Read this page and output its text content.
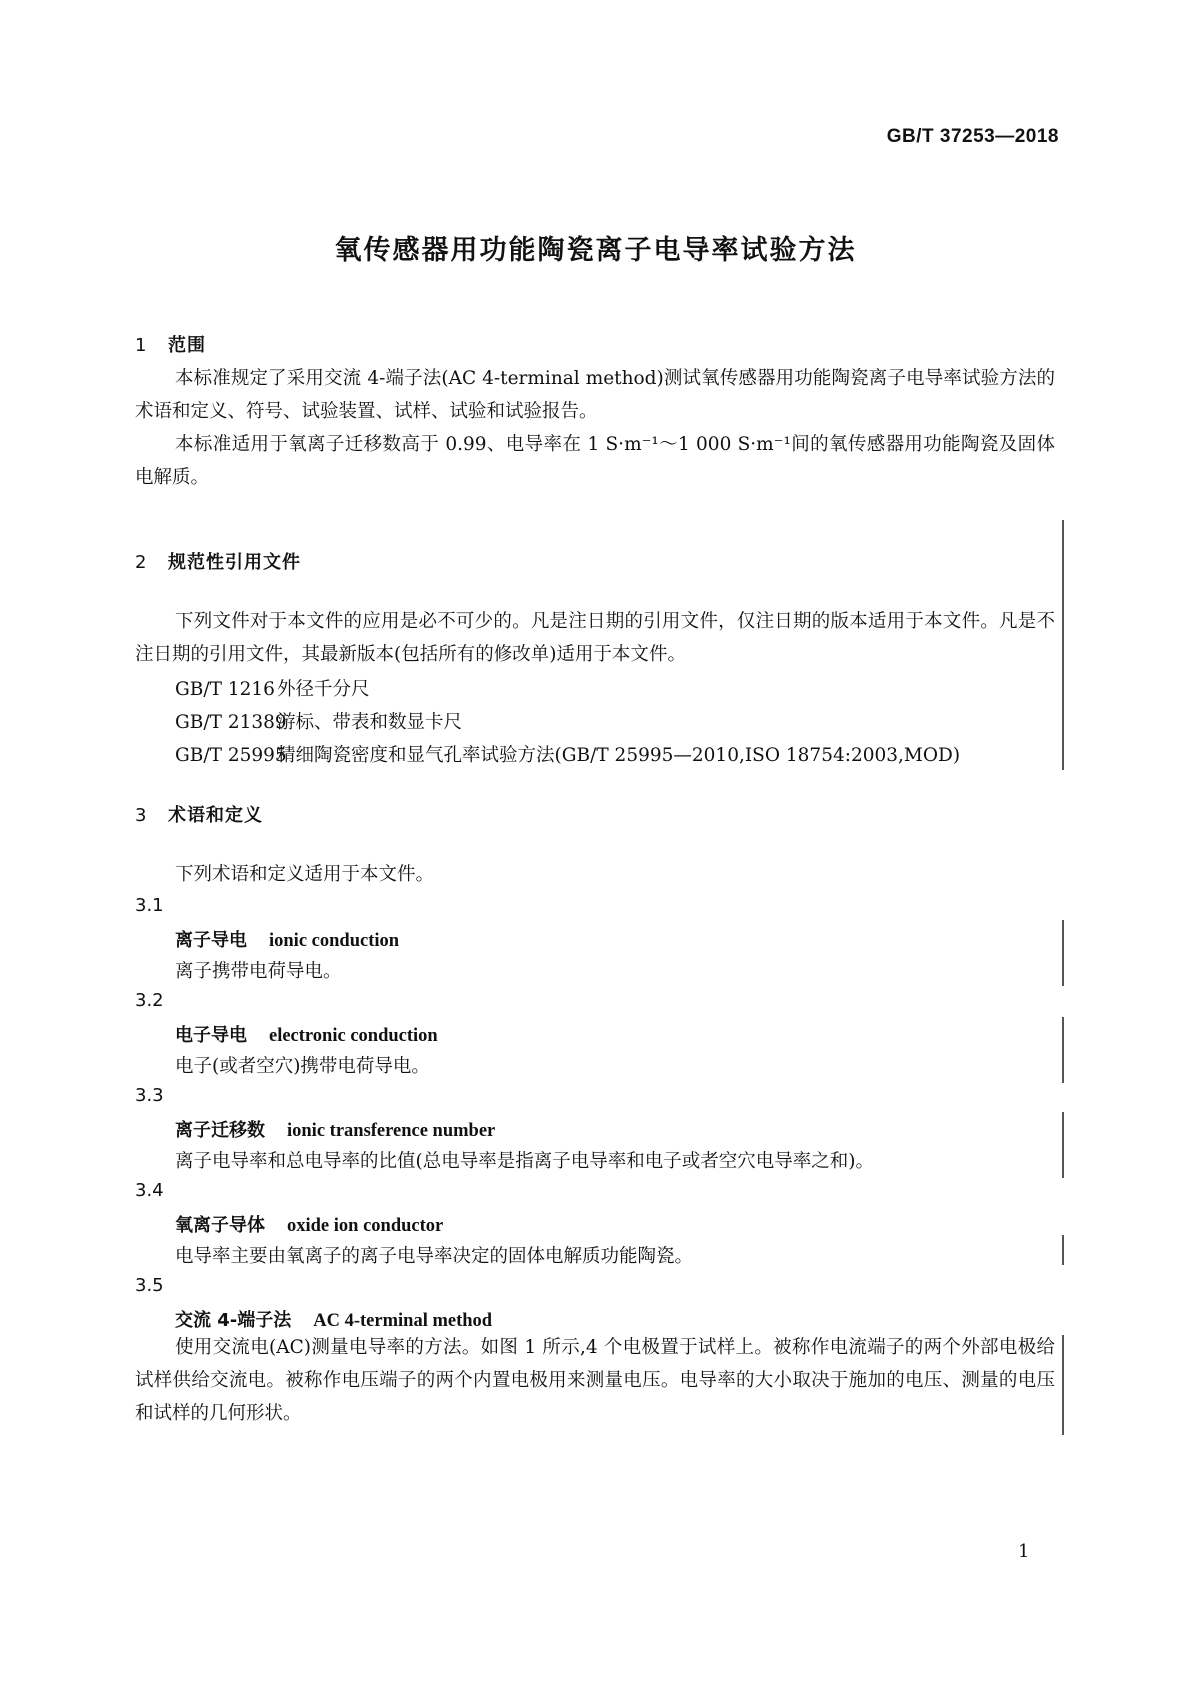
GB/T 37253—2018
氧传感器用功能陶瓷离子电导率试验方法
1 范围
本标准规定了采用交流 4-端子法(AC 4-terminal method)测试氧传感器用功能陶瓷离子电导率试验方法的术语和定义、符号、试验装置、试样、试验和试验报告。
本标准适用于氧离子迁移数高于 0.99、电导率在 1 S·m⁻¹～1 000 S·m⁻¹间的氧传感器用功能陶瓷及固体电解质。
2 规范性引用文件
下列文件对于本文件的应用是必不可少的。凡是注日期的引用文件，仅注日期的版本适用于本文件。凡是不注日期的引用文件，其最新版本(包括所有的修改单)适用于本文件。
GB/T 1216 外径千分尺
GB/T 21389游标、带表和数显卡尺
GB/T 25995精细陶瓷密度和显气孔率试验方法(GB/T 25995—2010,ISO 18754:2003,MOD)
3 术语和定义
下列术语和定义适用于本文件。
3.1
离子导电 ionic conduction
离子携带电荷导电。
3.2
电子导电 electronic conduction
电子(或者空穴)携带电荷导电。
3.3
离子迁移数 ionic transference number
离子电导率和总电导率的比值(总电导率是指离子电导率和电子或者空穴电导率之和)。
3.4
氧离子导体 oxide ion conductor
电导率主要由氧离子的离子电导率决定的固体电解质功能陶瓷。
3.5
交流 4-端子法 AC 4-terminal method
使用交流电(AC)测量电导率的方法。如图 1 所示,4 个电极置于试样上。被称作电流端子的两个外部电极给试样供给交流电。被称作电压端子的两个内置电极用来测量电压。电导率的大小取决于施加的电压、测量的电压和试样的几何形状。
1
